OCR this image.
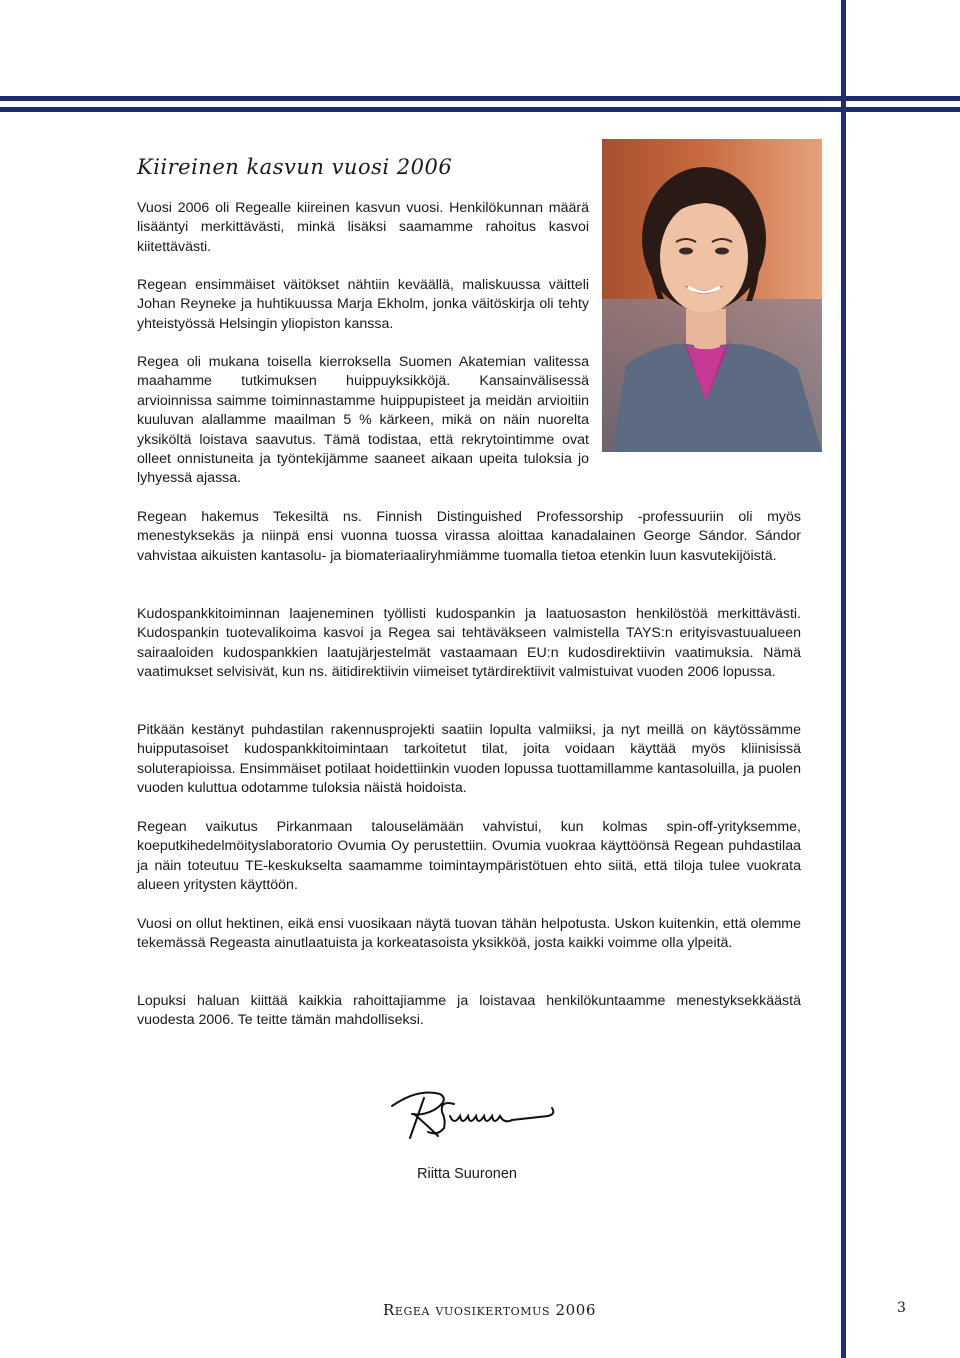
Kiireinen kasvun vuosi 2006

Vuosi 2006 oli Regealle kiireinen kasvun vuosi. Henkilökunnan määrä lisääntyi merkittävästi, minkä lisäksi saamamme rahoitus kasvoi kiitettävästi.

Regean ensimmäiset väitökset nähtiin keväällä, maliskuussa väitteli Johan Reyneke ja huhtikuussa Marja Ekholm, jonka väitöskirja oli tehty yhteistyössä Helsingin yliopiston kanssa.

Regea oli mukana toisella kierroksella Suomen Akatemian valitessa maahamme tutkimuksen huippuyksikköjä. Kansainvälisessä arvioinnissa saimme toiminnastamme huippupisteet ja meidän arvioitiin kuuluvan alallamme maailman 5 % kärkeen, mikä on näin nuorelta yksiköltä loistava saavutus. Tämä todistaa, että rekrytointimme ovat olleet onnistuneita ja työntekijämme saaneet aikaan upeita tuloksia jo lyhyessä ajassa.

Regean hakemus Tekesiltä ns. Finnish Distinguished Professorship -professuuriin oli myös menestyksekäs ja niinpä ensi vuonna tuossa virassa aloittaa kanadalainen George Sándor. Sándor vahvistaa aikuisten kantasolu- ja biomateriaaliryhmiämme tuomalla tietoa etenkin luun kasvutekijöistä.

Kudospankkitoiminnan laajeneminen työllisti kudospankin ja laatuosaston henkilöstöä merkittävästi. Kudospankin tuotevalikoima kasvoi ja Regea sai tehtäväkseen valmistella TAYS:n erityisvastuualueen sairaaloiden kudospankkien laatujärjestelmät vastaamaan EU:n kudosdirektiivin vaatimuksia. Nämä vaatimukset selvisivät, kun ns. äitidirektiivin viimeiset tytärdirektiivit valmistuivat vuoden 2006 lopussa.

Pitkään kestänyt puhdastilan rakennusprojekti saatiin lopulta valmiiksi, ja nyt meillä on käytössämme huipputasoiset kudospankkitoimintaan tarkoitetut tilat, joita voidaan käyttää myös kliinisissä soluterapioissa. Ensimmäiset potilaat hoidettiinkin vuoden lopussa tuottamillamme kantasoluilla, ja puolen vuoden kuluttua odotamme tuloksia näistä hoidoista.

Regean vaikutus Pirkanmaan talouselämään vahvistui, kun kolmas spin-off-yrityksemme, koeputkihedelmöityslaboratorio Ovumia Oy perustettiin. Ovumia vuokraa käyttöönsä Regean puhdastilaa ja näin toteutuu TE-keskukselta saamamme toimintaympäristötuen ehto siitä, että tiloja tulee vuokrata alueen yritysten käyttöön.

Vuosi on ollut hektinen, eikä ensi vuosikaan näytä tuovan tähän helpotusta. Uskon kuitenkin, että olemme tekemässä Regeasta ainutlaatuista ja korkeatasoista yksikköä, josta kaikki voimme olla ylpeitä.

Lopuksi haluan kiittää kaikkia rahoittajiamme ja loistavaa henkilökuntaamme menestyksekkäästä vuodesta 2006. Te teitte tämän mahdolliseksi.

Riitta Suuronen

Regea vuosikertomus 2006	3
